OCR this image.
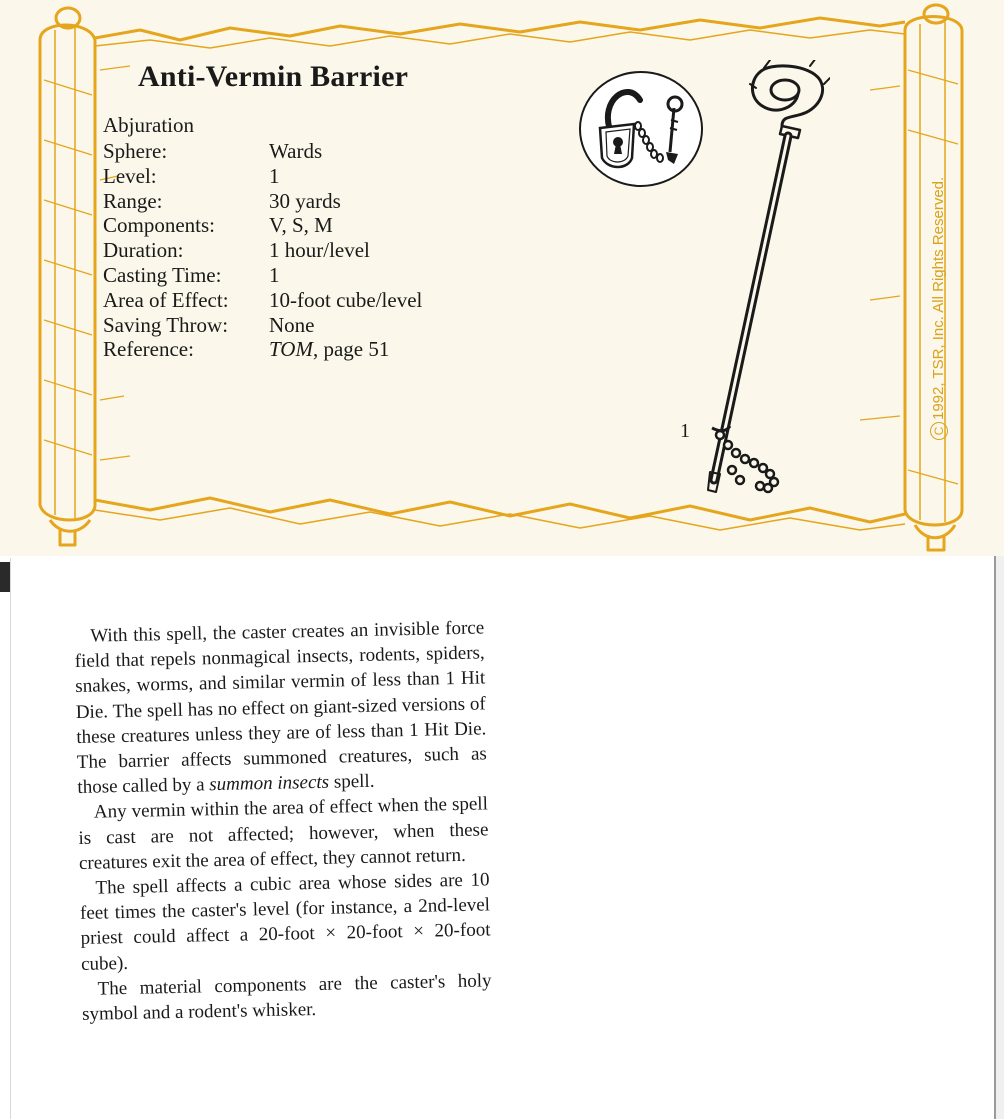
Anti-Vermin Barrier
Abjuration
Sphere:	Wards
Level:	1
Range:	30 yards
Components:	V, S, M
Duration:	1 hour/level
Casting Time:	1
Area of Effect:	10-foot cube/level
Saving Throw:	None
Reference:	TOM, page 51
1	C1992, TSR, Inc. All Rights Reserved.

With this spell, the caster creates an invisible force field that repels nonmagical insects, rodents, spiders, snakes, worms, and similar vermin of less than 1 Hit Die. The spell has no effect on giant-sized versions of these creatures unless they are of less than 1 Hit Die. The barrier affects summoned creatures, such as those called by a summon insects spell.

Any vermin within the area of effect when the spell is cast are not affected; however, when these creatures exit the area of effect, they cannot return.

The spell affects a cubic area whose sides are 10 feet times the caster's level (for instance, a 2nd-level priest could affect a 20-foot × 20-foot × 20-foot cube).

The material components are the caster's holy symbol and a rodent's whisker.
